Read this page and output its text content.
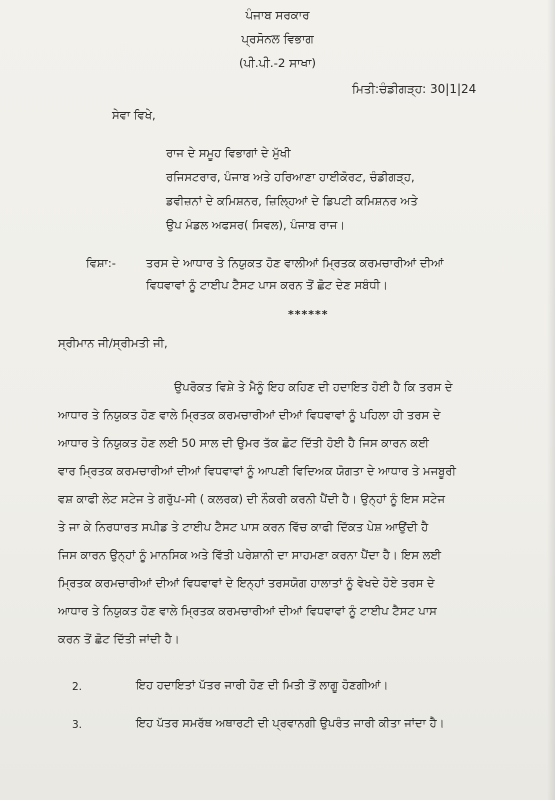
ਪੰਜਾਬ ਸਰਕਾਰ
ਪ੍ਰਸੋਨਲ ਵਿਭਾਗ
(ਪੀ.ਪੀ.-2 ਸਾਖਾ)
ਮਿਤੀ:ਚੰਡੀਗੜ੍ਹ: 30|1|24
ਸੇਵਾ ਵਿਖੇ,
ਰਾਜ ਦੇ ਸਮੂਹ ਵਿਭਾਗਾਂ ਦੇ ਮੁੱਖੀ
ਰਜਿਸਟਰਾਰ, ਪੰਜਾਬ ਅਤੇ ਹਰਿਆਣਾ ਹਾਈਕੋਰਟ, ਚੰਡੀਗੜ੍ਹ,
ਡਵੀਜ਼ਨਾਂ ਦੇ ਕਮਿਸ਼ਨਰ, ਜ਼ਿਲ੍ਹਿਆਂ ਦੇ ਡਿਪਟੀ ਕਮਿਸ਼ਨਰ ਅਤੇ
ਉਪ ਮੰਡਲ ਅਫਸਰ( ਸਿਵਲ), ਪੰਜਾਬ ਰਾਜ।
ਵਿਸ਼ਾ:-	ਤਰਸ ਦੇ ਆਧਾਰ ਤੇ ਨਿਯੁਕਤ ਹੋਣ ਵਾਲੀਆਂ ਮ੍ਰਿਤਕ ਕਰਮਚਾਰੀਆਂ ਦੀਆਂ
ਵਿਧਵਾਵਾਂ ਨੂੰ ਟਾਈਪ ਟੈਸਟ ਪਾਸ ਕਰਨ ਤੋਂ ਛੋਟ ਦੇਣ ਸਬੰਧੀ।
******
ਸ੍ਰੀਮਾਨ ਜੀ/ਸ੍ਰੀਮਤੀ ਜੀ,
ਉਪਰੋਕਤ ਵਿਸ਼ੇ ਤੇ ਮੈਨੂੰ ਇਹ ਕਹਿਣ ਦੀ ਹਦਾਇਤ ਹੋਈ ਹੈ ਕਿ ਤਰਸ ਦੇ
ਆਧਾਰ ਤੇ ਨਿਯੁਕਤ ਹੋਣ ਵਾਲੇ ਮ੍ਰਿਤਕ ਕਰਮਚਾਰੀਆਂ ਦੀਆਂ ਵਿਧਵਾਵਾਂ ਨੂੰ ਪਹਿਲਾ ਹੀ ਤਰਸ ਦੇ
ਆਧਾਰ ਤੇ ਨਿਯੁਕਤ ਹੋਣ ਲਈ 50 ਸਾਲ ਦੀ ਉਮਰ ਤੱਕ ਛੋਟ ਦਿੱਤੀ ਹੋਈ ਹੈ ਜਿਸ ਕਾਰਨ ਕਈ
ਵਾਰ ਮ੍ਰਿਤਕ ਕਰਮਚਾਰੀਆਂ ਦੀਆਂ ਵਿਧਵਾਵਾਂ ਨੂੰ ਆਪਣੀ ਵਿਦਿਅਕ ਯੋਗਤਾ ਦੇ ਆਧਾਰ ਤੇ ਮਜਬੂਰੀ
ਵਸ਼ ਕਾਫੀ ਲੇਟ ਸਟੇਜ ਤੇ ਗਰੁੱਪ-ਸੀ ( ਕਲਰਕ) ਦੀ ਨੌਕਰੀ ਕਰਨੀ ਪੈਂਦੀ ਹੈ। ਉਨ੍ਹਾਂ ਨੂੰ ਇਸ ਸਟੇਜ
ਤੇ ਜਾ ਕੇ ਨਿਰਧਾਰਤ ਸਪੀਡ ਤੇ ਟਾਈਪ ਟੈਸਟ ਪਾਸ ਕਰਨ ਵਿੱਚ ਕਾਫੀ ਦਿੱਕਤ ਪੇਸ਼ ਆਉਂਦੀ ਹੈ
ਜਿਸ ਕਾਰਨ ਉਨ੍ਹਾਂ ਨੂੰ ਮਾਨਸਿਕ ਅਤੇ ਵਿੱਤੀ ਪਰੇਸ਼ਾਨੀ ਦਾ ਸਾਹਮਣਾ ਕਰਨਾ ਪੈਂਦਾ ਹੈ। ਇਸ ਲਈ
ਮ੍ਰਿਤਕ ਕਰਮਚਾਰੀਆਂ ਦੀਆਂ ਵਿਧਵਾਵਾਂ ਦੇ ਇਨ੍ਹਾਂ ਤਰਸਯੋਗ ਹਾਲਾਤਾਂ ਨੂੰ ਵੇਖਦੇ ਹੋਏ ਤਰਸ ਦੇ
ਆਧਾਰ ਤੇ ਨਿਯੁਕਤ ਹੋਣ ਵਾਲੇ ਮ੍ਰਿਤਕ ਕਰਮਚਾਰੀਆਂ ਦੀਆਂ ਵਿਧਵਾਵਾਂ ਨੂੰ ਟਾਈਪ ਟੈਸਟ ਪਾਸ
ਕਰਨ ਤੋਂ ਛੋਟ ਦਿੱਤੀ ਜਾਂਦੀ ਹੈ।
2.	ਇਹ ਹਦਾਇਤਾਂ ਪੱਤਰ ਜਾਰੀ ਹੋਣ ਦੀ ਮਿਤੀ ਤੋਂ ਲਾਗੂ ਹੋਣਗੀਆਂ।
3.	ਇਹ ਪੱਤਰ ਸਮਰੱਥ ਅਥਾਰਟੀ ਦੀ ਪ੍ਰਵਾਨਗੀ ਉਪਰੰਤ ਜਾਰੀ ਕੀਤਾ ਜਾਂਦਾ ਹੈ।
